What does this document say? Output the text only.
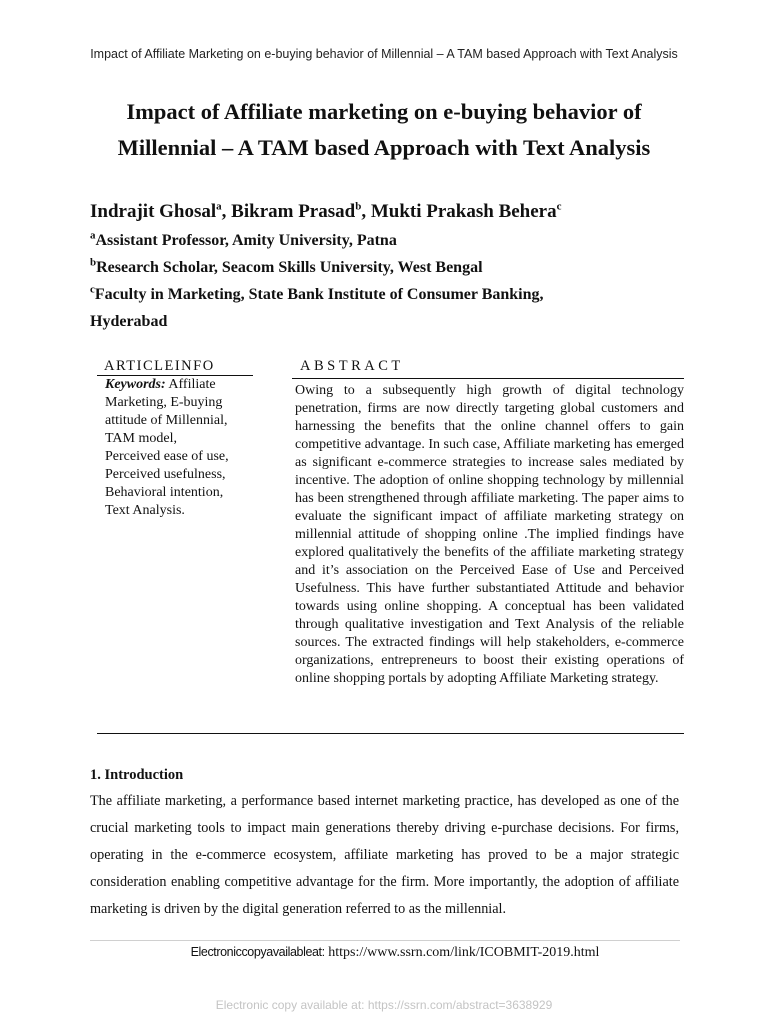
Impact of Affiliate Marketing on e-buying behavior of Millennial – A TAM based Approach with Text Analysis
Impact of Affiliate marketing on e-buying behavior of
Millennial – A TAM based Approach with Text Analysis
Indrajit Ghosal$^a$, Bikram Prasad$^b$, Mukti Prakash Behera$^c$
$^a$Assistant Professor, Amity University, Patna
$^b$Research Scholar, Seacom Skills University, West Bengal
$^c$Faculty in Marketing, State Bank Institute of Consumer Banking,
Hyderabad
ARTICLEINFO
Keywords: Affiliate Marketing, E-buying attitude of Millennial,
TAM model,
Perceived ease of use,
Perceived usefulness,
Behavioral intention,
Text Analysis.
ABSTRACT
Owing to a subsequently high growth of digital technology penetration, firms are now directly targeting global customers and harnessing the benefits that the online channel offers to gain competitive advantage. In such case, Affiliate marketing has emerged as significant e-commerce strategies to increase sales mediated by incentive. The adoption of online shopping technology by millennial has been strengthened through affiliate marketing. The paper aims to evaluate the significant impact of affiliate marketing strategy on millennial attitude of shopping online .The implied findings have explored qualitatively the benefits of the affiliate marketing strategy and it’s association on the Perceived Ease of Use and Perceived Usefulness. This have further substantiated Attitude and behavior towards using online shopping. A conceptual has been validated through qualitative investigation and Text Analysis of the reliable sources. The extracted findings will help stakeholders, e-commerce organizations, entrepreneurs to boost their existing operations of online shopping portals by adopting Affiliate Marketing strategy.
1. Introduction
The affiliate marketing, a performance based internet marketing practice, has developed as one of the crucial marketing tools to impact main generations thereby driving e-purchase decisions. For firms, operating in the e-commerce ecosystem, affiliate marketing has proved to be a major strategic consideration enabling competitive advantage for the firm. More importantly, the adoption of affiliate marketing is driven by the digital generation referred to as the millennial.
Electroniccopyavailableat: https://www.ssrn.com/link/ICOBMIT-2019.html
Electronic copy available at: https://ssrn.com/abstract=3638929
